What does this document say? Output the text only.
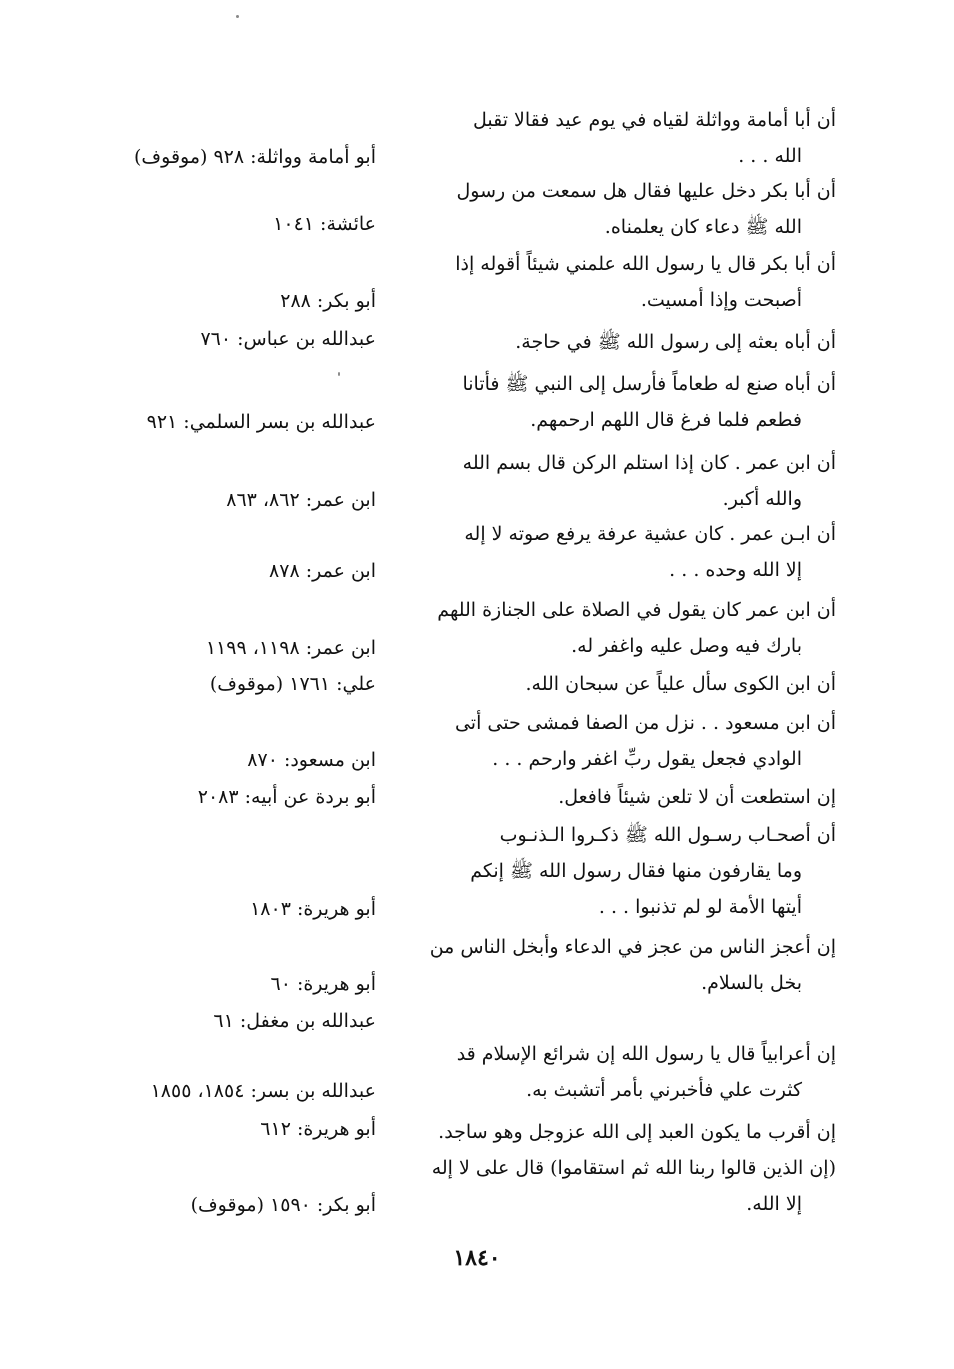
أن أبا أمامة وواثلة لقياه في يوم عيد فقالا تقبل
الله . . .
أبو أمامة وواثلة: ٩٢٨ (موقوف)
أن أبا بكر دخل عليها فقال هل سمعت من رسول
الله ﷺ دعاء كان يعلمناه.
عائشة: ١٠٤١
أن أبا بكر قال يا رسول الله علمني شيئاً أقوله إذا
أصبحت وإذا أمسيت.
أبو بكر: ٢٨٨
أن أباه بعثه إلى رسول الله ﷺ في حاجة.
عبدالله بن عباس: ٧٦٠
أن أباه صنع له طعاماً فأرسل إلى النبي ﷺ فأتانا
فطعم فلما فرغ قال اللهم ارحمهم.
عبدالله بن بسر السلمي: ٩٢١
أن ابن عمر . كان إذا استلم الركن قال بسم الله
والله أكبر.
ابن عمر: ٨٦٢، ٨٦٣
أن ابـن عمر . كان عشية عرفة يرفع صوته لا إله
إلا الله وحده . . .
ابن عمر: ٨٧٨
أن ابن عمر كان يقول في الصلاة على الجنازة اللهم
بارك فيه وصل عليه واغفر له.
ابن عمر: ١١٩٨، ١١٩٩
أن ابن الكوى سأل علياً عن سبحان الله.
علي: ١٧٦١ (موقوف)
أن ابن مسعود . . نزل من الصفا فمشى حتى أتى
الوادي فجعل يقول ربِّ اغفر وارحم . . .
ابن مسعود: ٨٧٠
إن استطعت أن لا تلعن شيئاً فافعل.
أبو بردة عن أبيه: ٢٠٨٣
أن أصحـاب رسـول الله ﷺ ذكـروا الـذنـوب
وما يقارفون منها فقال رسول الله ﷺ إنكم
أيتها الأمة لو لم تذنبوا . . .
أبو هريرة: ١٨٠٣
إن أعجز الناس من عجز في الدعاء وأبخل الناس من
بخل بالسلام.
أبو هريرة: ٦٠
عبدالله بن مغفل: ٦١
إن أعرابياً قال يا رسول الله إن شرائع الإسلام قد
كثرت علي فأخبرني بأمر أتشبث به.
عبدالله بن بسر: ١٨٥٤، ١٨٥٥
إن أقرب ما يكون العبد إلى الله عزوجل وهو ساجد.
أبو هريرة: ٦١٢
(إن الذين قالوا ربنا الله ثم استقاموا) قال على لا إله
إلا الله.
أبو بكر: ١٥٩٠ (موقوف)
١٨٤٠
